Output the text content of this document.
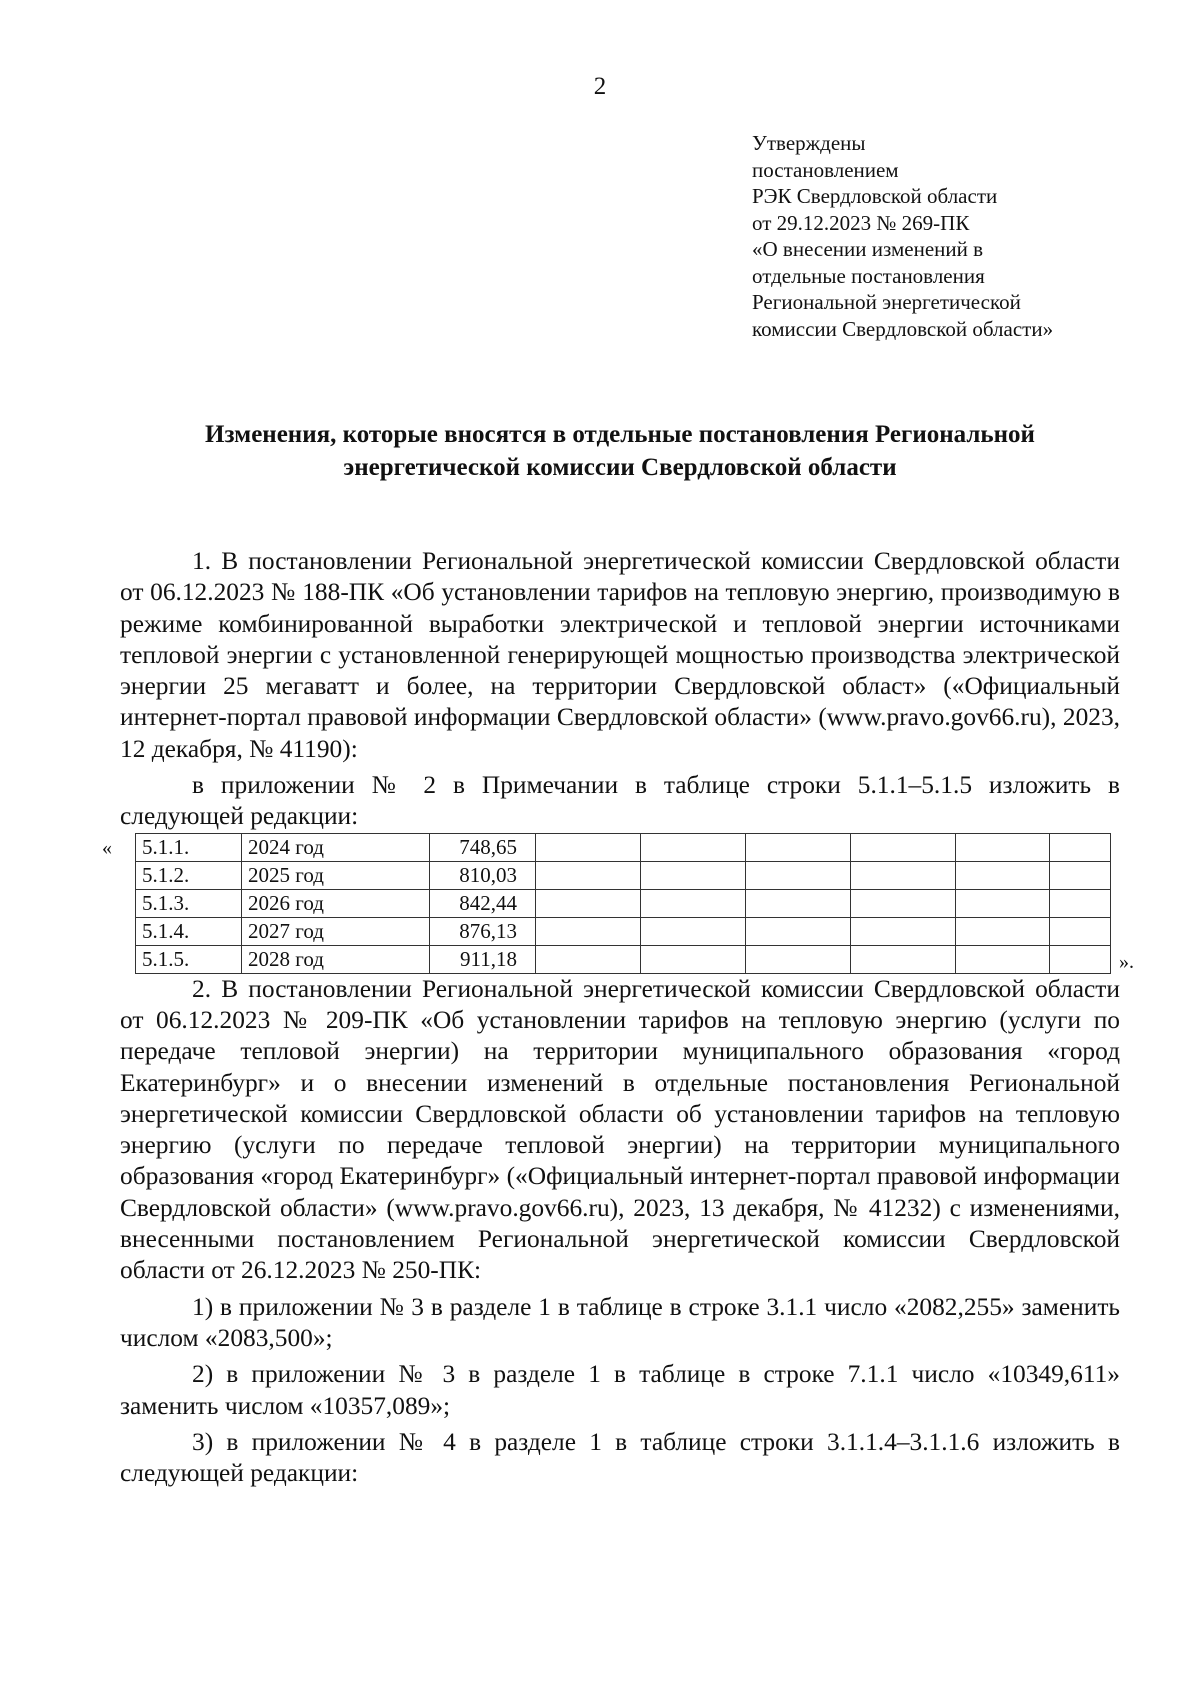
2
Утверждены
постановлением
РЭК Свердловской области
от 29.12.2023 № 269-ПК
«О внесении изменений в
отдельные постановления
Региональной энергетической
комиссии Свердловской области»
Изменения, которые вносятся в отдельные постановления Региональной
энергетической комиссии Свердловской области

1. В постановлении Региональной энергетической комиссии Свердловской области от 06.12.2023 № 188-ПК «Об установлении тарифов на тепловую энергию, производимую в режиме комбинированной выработки электрической и тепловой энергии источниками тепловой энергии с установленной генерирующей мощностью производства электрической энергии 25 мегаватт и более, на территории Свердловской област» («Официальный интернет-портал правовой информации Свердловской области» (www.pravo.gov66.ru), 2023, 12 декабря, № 41190):

в приложении № 2 в Примечании в таблице строки 5.1.1–5.1.5 изложить в следующей редакции:

« 5.1.1.	2024 год	748,65						
5.1.2.	2025 год	810,03						
5.1.3.	2026 год	842,44						
5.1.4.	2027 год	876,13						
5.1.5.	2028 год	911,18							».

2. В постановлении Региональной энергетической комиссии Свердловской области от 06.12.2023 № 209-ПК «Об установлении тарифов на тепловую энергию (услуги по передаче тепловой энергии) на территории муниципального образования «город Екатеринбург» и о внесении изменений в отдельные постановления Региональной энергетической комиссии Свердловской области об установлении тарифов на тепловую энергию (услуги по передаче тепловой энергии) на территории муниципального образования «город Екатеринбург» («Официальный интернет-портал правовой информации Свердловской области» (www.pravo.gov66.ru), 2023, 13 декабря, № 41232) с изменениями, внесенными постановлением Региональной энергетической комиссии Свердловской области от 26.12.2023 № 250-ПК:

1) в приложении № 3 в разделе 1 в таблице в строке 3.1.1 число «2082,255» заменить числом «2083,500»;

2) в приложении № 3 в разделе 1 в таблице в строке 7.1.1 число «10349,611» заменить числом «10357,089»;

3) в приложении № 4 в разделе 1 в таблице строки 3.1.1.4–3.1.1.6 изложить в следующей редакции:
